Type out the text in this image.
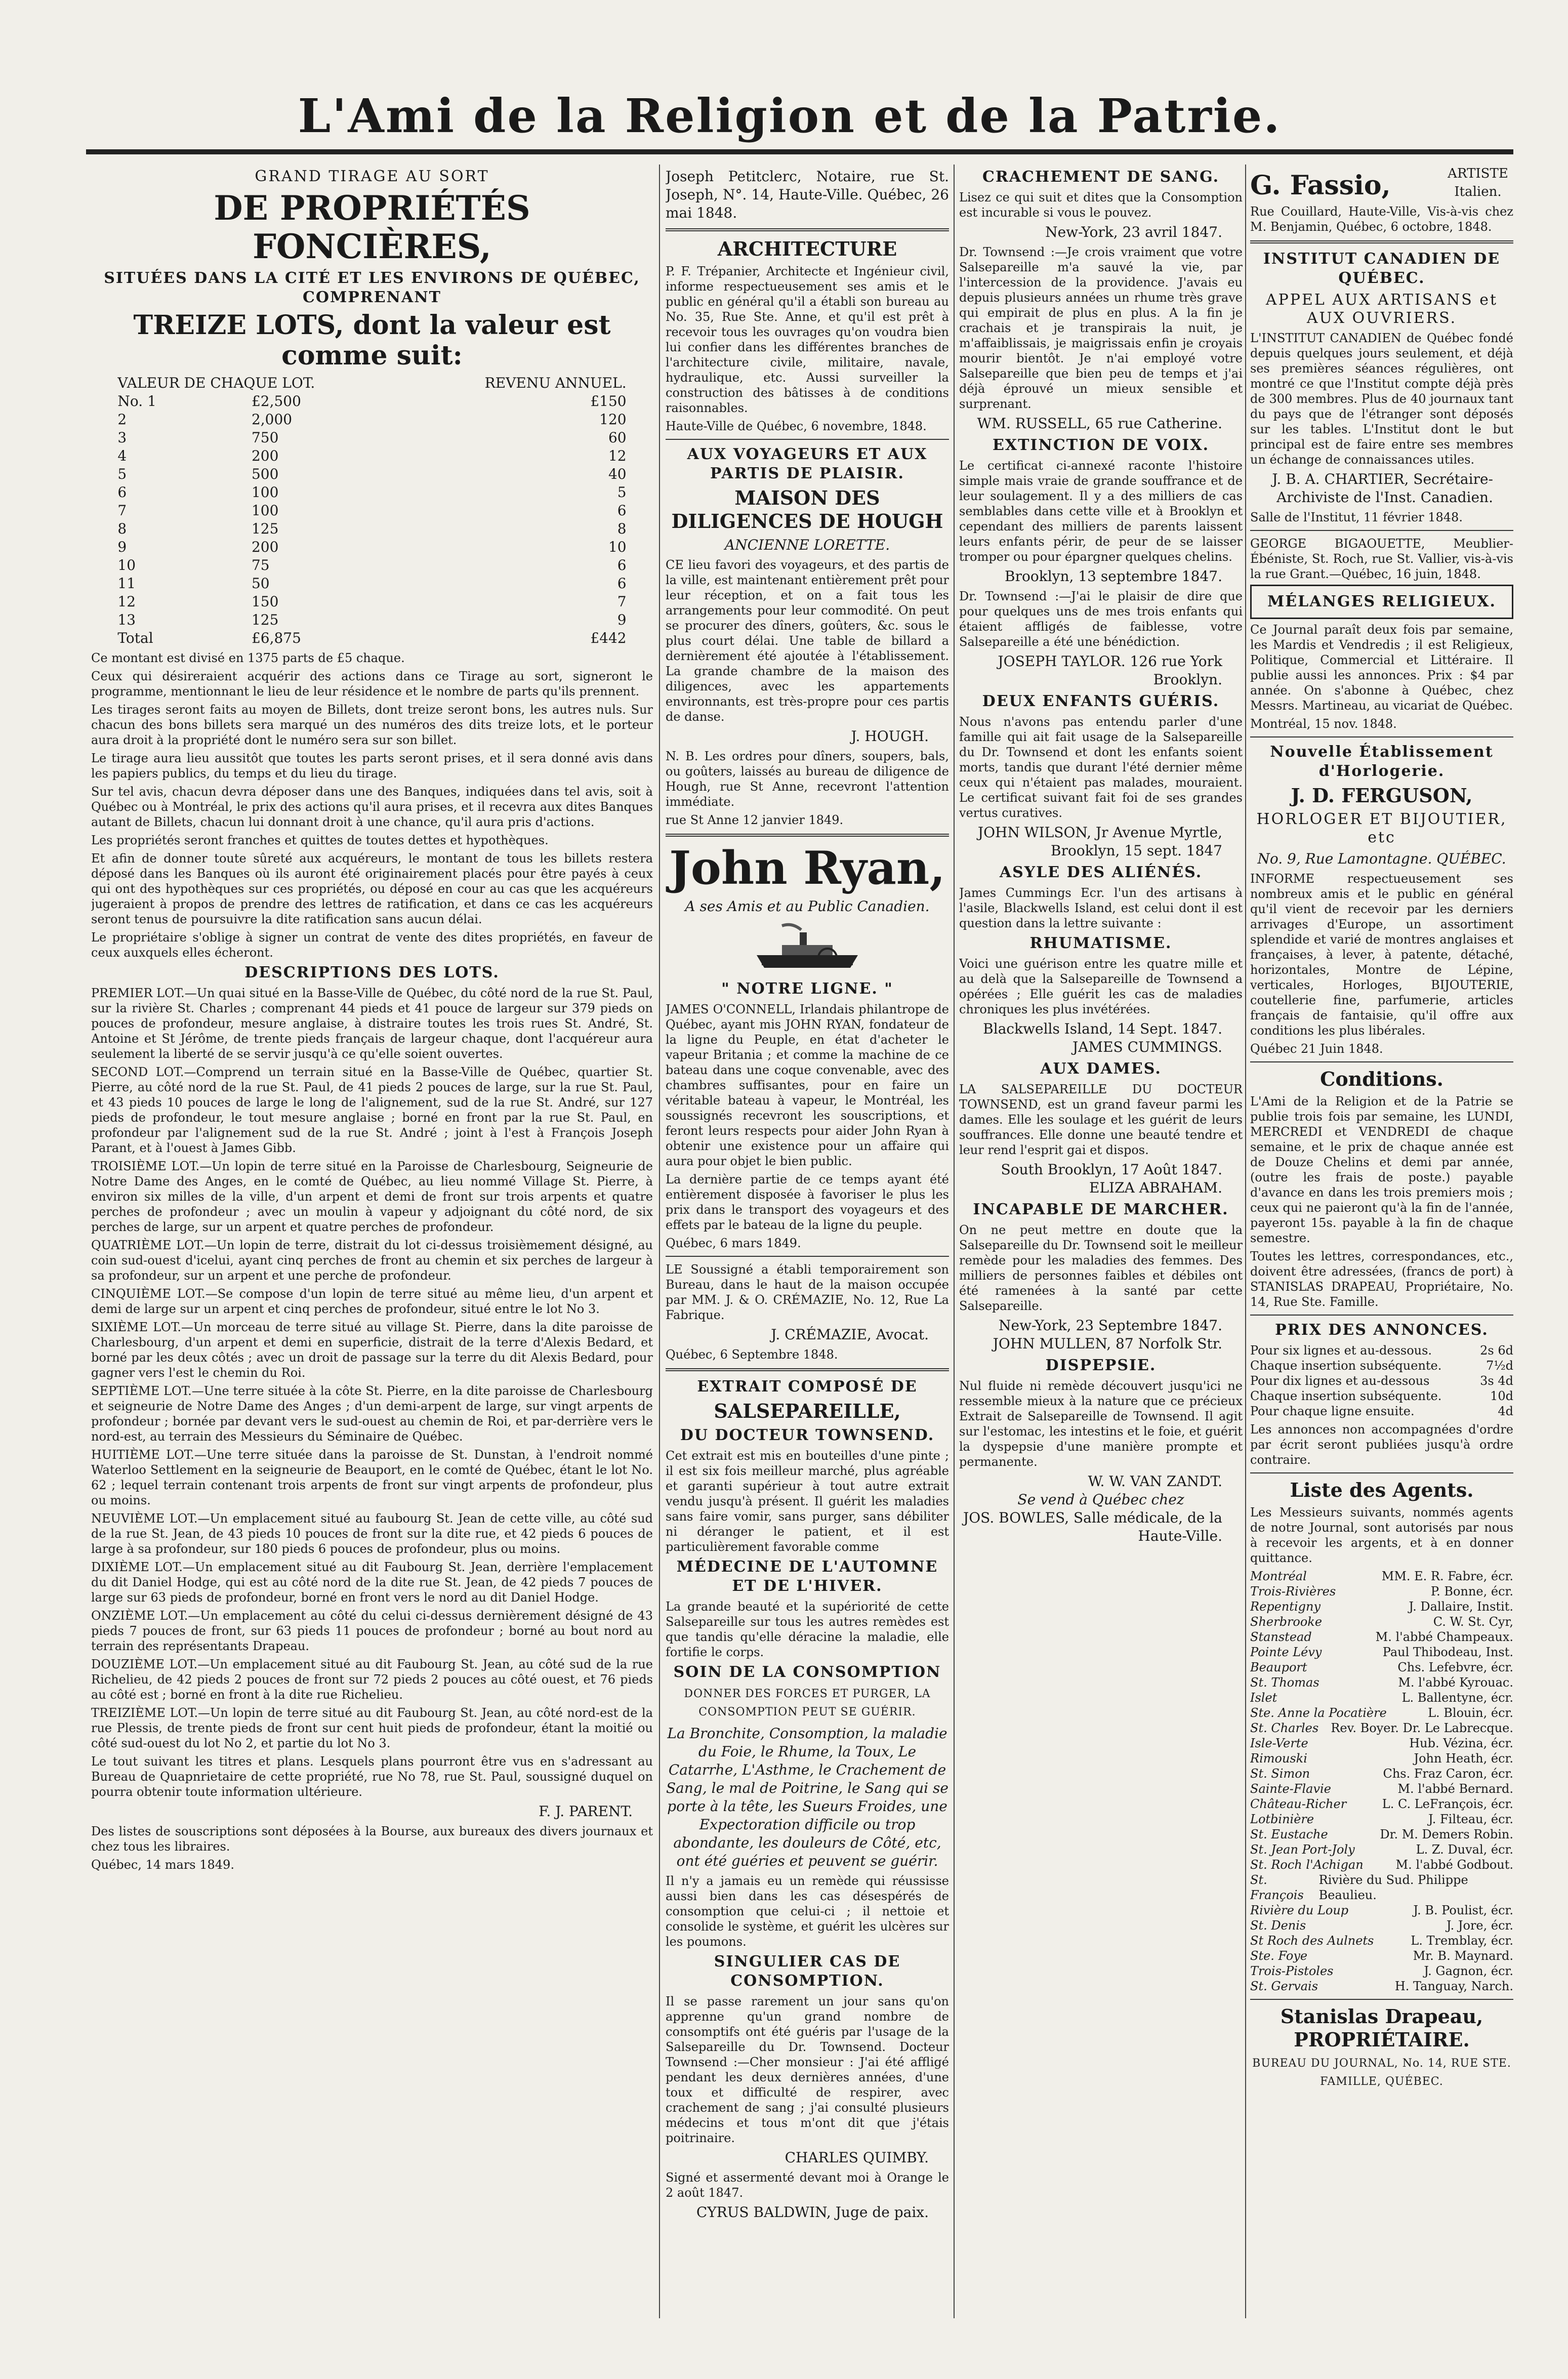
L'Ami de la Religion et de la Patrie.
GRAND TIRAGE AU SORT
DE PROPRIÉTÉS FONCIÈRES,
SITUÉES DANS LA CITÉ ET LES ENVIRONS DE QUÉBEC, COMPRENANT
TREIZE LOTS, dont la valeur est comme suit:
VALEUR DE CHAQUE LOT.		REVENU ANNUEL.
No. 1	£2,500	£150
2	2,000	120
3	750	60
4	200	12
5	500	40
6	100	5
7	100	6
8	125	8
9	200	10
10	75	6
11	50	6
12	150	7
13	125	9
Total	£6,875	£442

Ce montant est divisé en 1375 parts de £5 chaque.

Ceux qui désireraient acquérir des actions dans ce Tirage au sort, signeront le programme, mentionnant le lieu de leur résidence et le nombre de parts qu'ils prennent.

Les tirages seront faits au moyen de Billets, dont treize seront bons, les autres nuls. Sur chacun des bons billets sera marqué un des numéros des dits treize lots, et le porteur aura droit à la propriété dont le numéro sera sur son billet.

Le tirage aura lieu aussitôt que toutes les parts seront prises, et il sera donné avis dans les papiers publics, du temps et du lieu du tirage.

Sur tel avis, chacun devra déposer dans une des Banques, indiquées dans tel avis, soit à Québec ou à Montréal, le prix des actions qu'il aura prises, et il recevra aux dites Banques autant de Billets, chacun lui donnant droit à une chance, qu'il aura pris d'actions.

Les propriétés seront franches et quittes de toutes dettes et hypothèques.

Et afin de donner toute sûreté aux acquéreurs, le montant de tous les billets restera déposé dans les Banques où ils auront été originairement placés pour être payés à ceux qui ont des hypothèques sur ces propriétés, ou déposé en cour au cas que les acquéreurs jugeraient à propos de prendre des lettres de ratification, et dans ce cas les acquéreurs seront tenus de poursuivre la dite ratification sans aucun délai.

Le propriétaire s'oblige à signer un contrat de vente des dites propriétés, en faveur de ceux auxquels elles écheront.

DESCRIPTIONS DES LOTS.

PREMIER LOT.—Un quai situé en la Basse-Ville de Québec, du côté nord de la rue St. Paul, sur la rivière St. Charles ; comprenant 44 pieds et 41 pouce de largeur sur 379 pieds on pouces de profondeur, mesure anglaise, à distraire toutes les trois rues St. André, St. Antoine et St Jérôme, de trente pieds français de largeur chaque, dont l'acquéreur aura seulement la liberté de se servir jusqu'à ce qu'elle soient ouvertes.

SECOND LOT.—Comprend un terrain situé en la Basse-Ville de Québec, quartier St. Pierre, au côté nord de la rue St. Paul, de 41 pieds 2 pouces de large, sur la rue St. Paul, et 43 pieds 10 pouces de large le long de l'alignement, sud de la rue St. André, sur 127 pieds de profondeur, le tout mesure anglaise ; borné en front par la rue St. Paul, en profondeur par l'alignement sud de la rue St. André ; joint à l'est à François Joseph Parant, et à l'ouest à James Gibb.

TROISIÈME LOT.—Un lopin de terre situé en la Paroisse de Charlesbourg, Seigneurie de Notre Dame des Anges, en le comté de Québec, au lieu nommé Village St. Pierre, à environ six milles de la ville, d'un arpent et demi de front sur trois arpents et quatre perches de profondeur ; avec un moulin à vapeur y adjoignant du côté nord, de six perches de large, sur un arpent et quatre perches de profondeur.

QUATRIÈME LOT.—Un lopin de terre, distrait du lot ci-dessus troisièmement désigné, au coin sud-ouest d'icelui, ayant cinq perches de front au chemin et six perches de largeur à sa profondeur, sur un arpent et une perche de profondeur.

CINQUIÈME LOT.—Se compose d'un lopin de terre situé au même lieu, d'un arpent et demi de large sur un arpent et cinq perches de profondeur, situé entre le lot No 3.

SIXIÈME LOT.—Un morceau de terre situé au village St. Pierre, dans la dite paroisse de Charlesbourg, d'un arpent et demi en superficie, distrait de la terre d'Alexis Bedard, et borné par les deux côtés ; avec un droit de passage sur la terre du dit Alexis Bedard, pour gagner vers l'est le chemin du Roi.

SEPTIÈME LOT.—Une terre située à la côte St. Pierre, en la dite paroisse de Charlesbourg et seigneurie de Notre Dame des Anges ; d'un demi-arpent de large, sur vingt arpents de profondeur ; bornée par devant vers le sud-ouest au chemin de Roi, et par-derrière vers le nord-est, au terrain des Messieurs du Séminaire de Québec.

HUITIÈME LOT.—Une terre située dans la paroisse de St. Dunstan, à l'endroit nommé Waterloo Settlement en la seigneurie de Beauport, en le comté de Québec, étant le lot No. 62 ; lequel terrain contenant trois arpents de front sur vingt arpents de profondeur, plus ou moins.

NEUVIÈME LOT.—Un emplacement situé au faubourg St. Jean de cette ville, au côté sud de la rue St. Jean, de 43 pieds 10 pouces de front sur la dite rue, et 42 pieds 6 pouces de large à sa profondeur, sur 180 pieds 6 pouces de profondeur, plus ou moins.

DIXIÈME LOT.—Un emplacement situé au dit Faubourg St. Jean, derrière l'emplacement du dit Daniel Hodge, qui est au côté nord de la dite rue St. Jean, de 42 pieds 7 pouces de large sur 63 pieds de profondeur, borné en front vers le nord au dit Daniel Hodge.

ONZIÈME LOT.—Un emplacement au côté du celui ci-dessus dernièrement désigné de 43 pieds 7 pouces de front, sur 63 pieds 11 pouces de profondeur ; borné au bout nord au terrain des représentants Drapeau.

DOUZIÈME LOT.—Un emplacement situé au dit Faubourg St. Jean, au côté sud de la rue Richelieu, de 42 pieds 2 pouces de front sur 72 pieds 2 pouces au côté ouest, et 76 pieds au côté est ; borné en front à la dite rue Richelieu.

TREIZIÈME LOT.—Un lopin de terre situé au dit Faubourg St. Jean, au côté nord-est de la rue Plessis, de trente pieds de front sur cent huit pieds de profondeur, étant la moitié ou côté sud-ouest du lot No 2, et partie du lot No 3.

Le tout suivant les titres et plans. Lesquels plans pourront être vus en s'adressant au Bureau de Quapnrietaire de cette propriété, rue No 78, rue St. Paul, soussigné duquel on pourra obtenir toute information ultérieure.

F. J. PARENT.

Des listes de souscriptions sont déposées à la Bourse, aux bureaux des divers journaux et chez tous les libraires.

Québec, 14 mars 1849.

Joseph Petitclerc, Notaire, rue St. Joseph, N°. 14, Haute-Ville. Québec, 26 mai 1848.

ARCHITECTURE

P. F. Trépanier, Architecte et Ingénieur civil, informe respectueusement ses amis et le public en général qu'il a établi son bureau au No. 35, Rue Ste. Anne, et qu'il est prêt à recevoir tous les ouvrages qu'on voudra bien lui confier dans les différentes branches de l'architecture civile, militaire, navale, hydraulique, etc. Aussi surveiller la construction des bâtisses à de conditions raisonnables.

Haute-Ville de Québec, 6 novembre, 1848.

AUX VOYAGEURS ET AUX PARTIS DE PLAISIR.
MAISON DES DILIGENCES DE HOUGH
ANCIENNE LORETTE.

CE lieu favori des voyageurs, et des partis de la ville, est maintenant entièrement prêt pour leur réception, et on a fait tous les arrangements pour leur commodité. On peut se procurer des dîners, goûters, &c. sous le plus court délai. Une table de billard a dernièrement été ajoutée à l'établissement. La grande chambre de la maison des diligences, avec les appartements environnants, est très-propre pour ces partis de danse.

J. HOUGH.

N. B. Les ordres pour dîners, soupers, bals, ou goûters, laissés au bureau de diligence de Hough, rue St Anne, recevront l'attention immédiate.

rue St Anne 12 janvier 1849.

John Ryan,
A ses Amis et au Public Canadien.
" NOTRE LIGNE. "

JAMES O'CONNELL, Irlandais philantrope de Québec, ayant mis JOHN RYAN, fondateur de la ligne du Peuple, en état d'acheter le vapeur Britania ; et comme la machine de ce bateau dans une coque convenable, avec des chambres suffisantes, pour en faire un véritable bateau à vapeur, le Montréal, les soussignés recevront les souscriptions, et feront leurs respects pour aider John Ryan à obtenir une existence pour un affaire qui aura pour objet le bien public.

La dernière partie de ce temps ayant été entièrement disposée à favoriser le plus les prix dans le transport des voyageurs et des effets par le bateau de la ligne du peuple.

Québec, 6 mars 1849.

LE Soussigné a établi temporairement son Bureau, dans le haut de la maison occupée par MM. J. & O. CRÉMAZIE, No. 12, Rue La Fabrique.

J. CRÉMAZIE, Avocat.

Québec, 6 Septembre 1848.

EXTRAIT COMPOSÉ DE
SALSEPAREILLE,
DU DOCTEUR TOWNSEND.

Cet extrait est mis en bouteilles d'une pinte ; il est six fois meilleur marché, plus agréable et garanti supérieur à tout autre extrait vendu jusqu'à présent. Il guérit les maladies sans faire vomir, sans purger, sans débiliter ni déranger le patient, et il est particulièrement favorable comme

MÉDECINE DE L'AUTOMNE ET DE L'HIVER.

La grande beauté et la supériorité de cette Salsepareille sur tous les autres remèdes est que tandis qu'elle déracine la maladie, elle fortifie le corps.

SOIN DE LA CONSOMPTION
DONNER DES FORCES ET PURGER, LA CONSOMPTION PEUT SE GUÉRIR.

La Bronchite, Consomption, la maladie du Foie, le Rhume, la Toux, Le Catarrhe, L'Asthme, le Crachement de Sang, le mal de Poitrine, le Sang qui se porte à la tête, les Sueurs Froides, une Expectoration difficile ou trop abondante, les douleurs de Côté, etc, ont été guéries et peuvent se guérir.

Il n'y a jamais eu un remède qui réussisse aussi bien dans les cas désespérés de consomption que celui-ci ; il nettoie et consolide le système, et guérit les ulcères sur les poumons.

SINGULIER CAS DE CONSOMPTION.

Il se passe rarement un jour sans qu'on apprenne qu'un grand nombre de consomptifs ont été guéris par l'usage de la Salsepareille du Dr. Townsend. Docteur Townsend :—Cher monsieur : J'ai été affligé pendant les deux dernières années, d'une toux et difficulté de respirer, avec crachement de sang ; j'ai consulté plusieurs médecins et tous m'ont dit que j'étais poitrinaire.

CHARLES QUIMBY.

Signé et assermenté devant moi à Orange le 2 août 1847.

CYRUS BALDWIN, Juge de paix.
CRACHEMENT DE SANG.

Lisez ce qui suit et dites que la Consomption est incurable si vous le pouvez.

New-York, 23 avril 1847.

Dr. Townsend :—Je crois vraiment que votre Salsepareille m'a sauvé la vie, par l'intercession de la providence. J'avais eu depuis plusieurs années un rhume très grave qui empirait de plus en plus. A la fin je crachais et je transpirais la nuit, je m'affaiblissais, je maigrissais enfin je croyais mourir bientôt. Je n'ai employé votre Salsepareille que bien peu de temps et j'ai déjà éprouvé un mieux sensible et surprenant.

WM. RUSSELL, 65 rue Catherine.
EXTINCTION DE VOIX.

Le certificat ci-annexé raconte l'histoire simple mais vraie de grande souffrance et de leur soulagement. Il y a des milliers de cas semblables dans cette ville et à Brooklyn et cependant des milliers de parents laissent leurs enfants périr, de peur de se laisser tromper ou pour épargner quelques chelins.

Brooklyn, 13 septembre 1847.

Dr. Townsend :—J'ai le plaisir de dire que pour quelques uns de mes trois enfants qui étaient affligés de faiblesse, votre Salsepareille a été une bénédiction.

JOSEPH TAYLOR. 126 rue York Brooklyn.
DEUX ENFANTS GUÉRIS.

Nous n'avons pas entendu parler d'une famille qui ait fait usage de la Salsepareille du Dr. Townsend et dont les enfants soient morts, tandis que durant l'été dernier même ceux qui n'étaient pas malades, mouraient. Le certificat suivant fait foi de ses grandes vertus curatives.

JOHN WILSON, Jr Avenue Myrtle, Brooklyn, 15 sept. 1847
ASYLE DES ALIÉNÉS.

James Cummings Ecr. l'un des artisans à l'asile, Blackwells Island, est celui dont il est question dans la lettre suivante :

RHUMATISME.

Voici une guérison entre les quatre mille et au delà que la Salsepareille de Townsend a opérées ; Elle guérit les cas de maladies chroniques les plus invétérées.

Blackwells Island, 14 Sept. 1847.
JAMES CUMMINGS.
AUX DAMES.

LA SALSEPAREILLE DU DOCTEUR TOWNSEND, est un grand faveur parmi les dames. Elle les soulage et les guérit de leurs souffrances. Elle donne une beauté tendre et leur rend l'esprit gai et dispos.

South Brooklyn, 17 Août 1847.
ELIZA ABRAHAM.
INCAPABLE DE MARCHER.

On ne peut mettre en doute que la Salsepareille du Dr. Townsend soit le meilleur remède pour les maladies des femmes. Des milliers de personnes faibles et débiles ont été ramenées à la santé par cette Salsepareille.

New-York, 23 Septembre 1847.
JOHN MULLEN, 87 Norfolk Str.
DISPEPSIE.

Nul fluide ni remède découvert jusqu'ici ne ressemble mieux à la nature que ce précieux Extrait de Salsepareille de Townsend. Il agit sur l'estomac, les intestins et le foie, et guérit la dyspepsie d'une manière prompte et permanente.

W. W. VAN ZANDT.
Se vend à Québec chez
JOS. BOWLES, Salle médicale, de la Haute-Ville.
G. Fassio,	ARTISTE Italien.

Rue Couillard, Haute-Ville, Vis-à-vis chez M. Benjamin, Québec, 6 octobre, 1848.

INSTITUT CANADIEN DE QUÉBEC.
APPEL AUX ARTISANS et AUX OUVRIERS.

L'INSTITUT CANADIEN de Québec fondé depuis quelques jours seulement, et déjà ses premières séances régulières, ont montré ce que l'Institut compte déjà près de 300 membres. Plus de 40 journaux tant du pays que de l'étranger sont déposés sur les tables. L'Institut dont le but principal est de faire entre ses membres un échange de connaissances utiles.

J. B. A. CHARTIER, Secrétaire-Archiviste de l'Inst. Canadien.

Salle de l'Institut, 11 février 1848.

GEORGE BIGAOUETTE, Meublier-Ébéniste, St. Roch, rue St. Vallier, vis-à-vis la rue Grant.—Québec, 16 juin, 1848.

MÉLANGES RELIGIEUX.

Ce Journal paraît deux fois par semaine, les Mardis et Vendredis ; il est Religieux, Politique, Commercial et Littéraire. Il publie aussi les annonces. Prix : $4 par année. On s'abonne à Québec, chez Messrs. Martineau, au vicariat de Québec.

Montréal, 15 nov. 1848.

Nouvelle Établissement d'Horlogerie.
J. D. FERGUSON,
HORLOGER ET BIJOUTIER, etc
No. 9, Rue Lamontagne. QUÉBEC.

INFORME respectueusement ses nombreux amis et le public en général qu'il vient de recevoir par les derniers arrivages d'Europe, un assortiment splendide et varié de montres anglaises et françaises, à lever, à patente, détaché, horizontales, Montre de Lépine, verticales, Horloges, BIJOUTERIE, coutellerie fine, parfumerie, articles français de fantaisie, qu'il offre aux conditions les plus libérales.

Québec 21 Juin 1848.

Conditions.

L'Ami de la Religion et de la Patrie se publie trois fois par semaine, les LUNDI, MERCREDI et VENDREDI de chaque semaine, et le prix de chaque année est de Douze Chelins et demi par année, (outre les frais de poste.) payable d'avance en dans les trois premiers mois ; ceux qui ne paieront qu'à la fin de l'année, payeront 15s. payable à la fin de chaque semestre.

Toutes les lettres, correspondances, etc., doivent être adressées, (francs de port) à STANISLAS DRAPEAU, Propriétaire, No. 14, Rue Ste. Famille.

PRIX DES ANNONCES.
Pour six lignes et au-dessous.	2s 6d
Chaque insertion subséquente.	7½d
Pour dix lignes et au-dessous	3s 4d
Chaque insertion subséquente.	10d
Pour chaque ligne ensuite.	4d

Les annonces non accompagnées d'ordre par écrit seront publiées jusqu'à ordre contraire.

Liste des Agents.

Les Messieurs suivants, nommés agents de notre Journal, sont autorisés par nous à recevoir les argents, et à en donner quittance.

Montréal	MM. E. R. Fabre, écr.
Trois-Rivières	P. Bonne, écr.
Repentigny	J. Dallaire, Instit.
Sherbrooke	C. W. St. Cyr,
Stanstead	M. l'abbé Champeaux.
Pointe Lévy	Paul Thibodeau, Inst.
Beauport	Chs. Lefebvre, écr.
St. Thomas	M. l'abbé Kyrouac.
Islet	L. Ballentyne, écr.
Ste. Anne la Pocatière	L. Blouin, écr.
St. Charles Rev. Boyer. Dr. Le Labrecque.
Isle-Verte	Hub. Vézina, écr.
Rimouski	John Heath, écr.
St. Simon	Chs. Fraz Caron, écr.
Sainte-Flavie	M. l'abbé Bernard.
Château-Richer	L. C. LeFrançois, écr.
Lotbinière	J. Filteau, écr.
St. Eustache	Dr. M. Demers Robin.
St. Jean Port-Joly	L. Z. Duval, écr.
St. Roch l'Achigan	M. l'abbé Godbout.
St. François
Rivière du Sud. Philippe Beaulieu.
Rivière du Loup	J. B. Poulist, écr.
St. Denis	J. Jore, écr.
St Roch des Aulnets	L. Tremblay, écr.
Ste. Foye	Mr. B. Maynard.
Trois-Pistoles	J. Gagnon, écr.
St. Gervais	H. Tanguay, Narch.
Stanislas Drapeau, PROPRIÉTAIRE.
BUREAU DU JOURNAL, No. 14, RUE STE. FAMILLE, QUÉBEC.
